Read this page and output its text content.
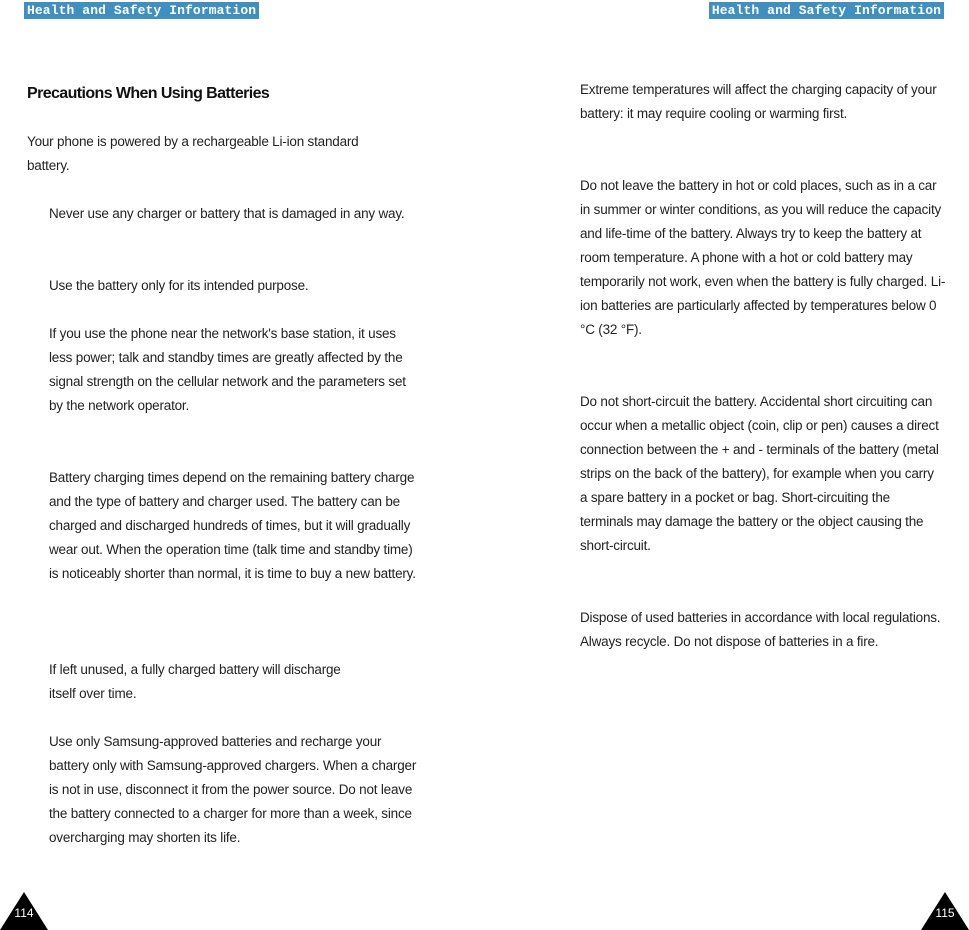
Health and Safety Information	Health and Safety Information
Precautions When Using Batteries

Your phone is powered by a rechargeable Li-ion standard battery.

Never use any charger or battery that is damaged in any way.

Use the battery only for its intended purpose.

If you use the phone near the network's base station, it uses less power; talk and standby times are greatly affected by the signal strength on the cellular network and the parameters set by the network operator.

Battery charging times depend on the remaining battery charge and the type of battery and charger used. The battery can be charged and discharged hundreds of times, but it will gradually wear out. When the operation time (talk time and standby time) is noticeably shorter than normal, it is time to buy a new battery.

If left unused, a fully charged battery will discharge itself over time.

Use only Samsung-approved batteries and recharge your battery only with Samsung-approved chargers. When a charger is not in use, disconnect it from the power source. Do not leave the battery connected to a charger for more than a week, since overcharging may shorten its life.

Extreme temperatures will affect the charging capacity of your battery: it may require cooling or warming first.

Do not leave the battery in hot or cold places, such as in a car in summer or winter conditions, as you will reduce the capacity and life-time of the battery. Always try to keep the battery at room temperature. A phone with a hot or cold battery may temporarily not work, even when the battery is fully charged. Li-ion batteries are particularly affected by temperatures below 0 °C (32 °F).

Do not short-circuit the battery. Accidental short circuiting can occur when a metallic object (coin, clip or pen) causes a direct connection between the + and - terminals of the battery (metal strips on the back of the battery), for example when you carry a spare battery in a pocket or bag. Short-circuiting the terminals may damage the battery or the object causing the short-circuit.

Dispose of used batteries in accordance with local regulations. Always recycle. Do not dispose of batteries in a fire.

114	115
